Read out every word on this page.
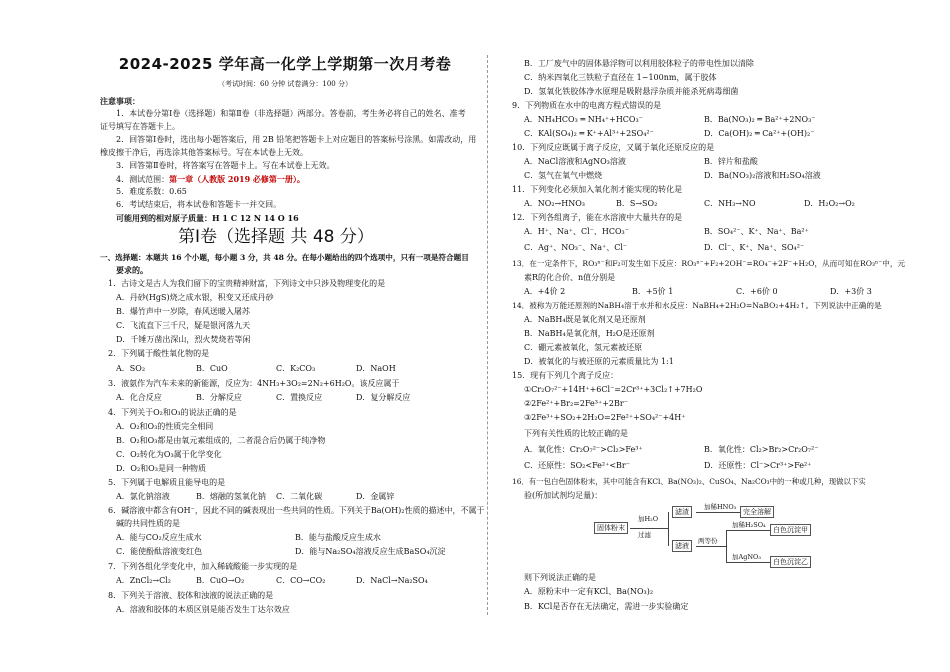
2024-2025 学年高一化学上学期第一次月考卷
（考试时间：60 分钟 试卷满分：100 分）
注意事项：
1．本试卷分第Ⅰ卷（选择题）和第Ⅱ卷（非选择题）两部分。答卷前，考生务必将自己的姓名、准考
证号填写在答题卡上。
2．回答第Ⅰ卷时，选出每小题答案后，用 2B 铅笔把答题卡上对应题目的答案标号涂黑。如需改动，用
橡皮擦干净后，再选涂其他答案标号。写在本试卷上无效。
3．回答第Ⅱ卷时，将答案写在答题卡上。写在本试卷上无效。
4．测试范围：第一章（人教版 2019 必修第一册）。
5．难度系数：0.65
6．考试结束后，将本试卷和答题卡一并交回。
可能用到的相对原子质量：H 1 C 12 N 14 O 16
第Ⅰ卷（选择题 共 48 分）
一、选择题：本题共 16 个小题，每小题 3 分，共 48 分。在每小题给出的四个选项中，只有一项是符合题目
要求的。
1．古诗文是古人为我们留下的宝贵精神财富，下列诗文中只涉及物理变化的是
A．丹砂(HgS)烧之成水银，积变又还成丹砂
B．爆竹声中一岁除，春风送暖入屠苏
C．飞流直下三千尺，疑是银河落九天
D．千锤万凿出深山，烈火焚烧若等闲
2．下列属于酸性氧化物的是
A．SO₂	B．CuO	C．K₂CO₃	D．NaOH
3．液氨作为汽车未来的新能源，反应为：4NH₃+3O₂=2N₂+6H₂O。该反应属于
A．化合反应	B．分解反应	C．置换反应	D．复分解反应
4．下列关于O₂和O₃的说法正确的是
A．O₂和O₃的性质完全相同
B．O₂和O₃都是由氧元素组成的，二者混合后仍属于纯净物
C．O₂转化为O₃属于化学变化
D．O₂和O₃是同一种物质
5．下列属于电解质且能导电的是
A．氯化钠溶液	B．熔融的氢氧化钠 C．二氧化碳	D．金属锌
6．碱溶液中都含有OH⁻，因此不同的碱表现出一些共同的性质。下列关于Ba(OH)₂性质的描述中，不属于
碱的共同性质的是
A．能与CO₂反应生成水	B．能与盐酸反应生成水
C．能使酚酞溶液变红色	D．能与Na₂SO₄溶液反应生成BaSO₄沉淀
7．下列各组化学变化中，加入稀硫酸能一步实现的是
A．ZnCl₂→Cl₂	B．CuO→O₂	C．CO→CO₂	D．NaCl→Na₂SO₄
8．下列关于溶液、胶体和浊液的说法正确的是
A．溶液和胶体的本质区别是能否发生丁达尔效应
B．工厂废气中的固体悬浮物可以利用胶体粒子的带电性加以清除
C．纳米四氧化三铁粒子直径在 1~100nm，属于胶体
D．氢氧化铁胶体净水原理是吸附悬浮杂质并能杀死病毒细菌
9．下列物质在水中的电离方程式错误的是
A．NH₄HCO₃ ═ NH₄⁺+HCO₃⁻	B．Ba(NO₃)₂ ═ Ba²⁺+2NO₃⁻
C．KAl(SO₄)₂ ═ K⁺+Al³⁺+2SO₄²⁻	D．Ca(OH)₂ ═ Ca²⁺+(OH)₂⁻
10．下列反应既属于离子反应，又属于氧化还原反应的是
A．NaCl溶液和AgNO₃溶液	B．锌片和盐酸
C．氢气在氧气中燃烧	D．Ba(NO₃)₂溶液和H₂SO₄溶液
11．下列变化必须加入氧化剂才能实现的转化是
A．NO₂→HNO₃	B．S→SO₂	C．NH₃→NO	D．H₂O₂→O₂
12．下列各组离子，能在水溶液中大量共存的是
A．H⁺、Na⁺、Cl⁻、HCO₃⁻	B．SO₄²⁻、K⁺、Na⁺、Ba²⁺
C．Ag⁺、NO₃⁻、Na⁺、Cl⁻	D．Cl⁻、K⁺、Na⁺、SO₄²⁻
13．在一定条件下，RO₃ⁿ⁻和F₂可发生如下反应：RO₃ⁿ⁻+F₂+2OH⁻=RO₄⁻+2F⁻+H₂O，从而可知在RO₃ⁿ⁻中，元
素R的化合价、n值分别是
A．+4价 2	B．+5价 1	C．+6价 0	D．+3价 3
14．被称为万能还原剂的NaBH₄溶于水并和水反应：NaBH₄+2H₂O=NaBO₂+4H₂↑。下列说法中正确的是
A．NaBH₄既是氧化剂又是还原剂
B．NaBH₄是氧化剂，H₂O是还原剂
C．硼元素被氧化，氢元素被还原
D．被氧化的与被还原的元素质量比为 1:1
15．现有下列几个离子反应：
①Cr₂O₇²⁻+14H⁺+6Cl⁻=2Cr³⁺+3Cl₂↑+7H₂O
②2Fe²⁺+Br₂=2Fe³⁺+2Br⁻
③2Fe³⁺+SO₂+2H₂O=2Fe²⁺+SO₄²⁻+4H⁺
下列有关性质的比较正确的是
A．氧化性：Cr₂O₇²⁻>Cl₂>Fe³⁺	B．氧化性：Cl₂>Br₂>Cr₂O₇²⁻
C．还原性：SO₂<Fe²⁺<Br⁻	D．还原性：Cl⁻>Cr³⁺>Fe²⁺
16．有一包白色固体粉末，其中可能含有KCl、Ba(NO₃)₂、CuSO₄、Na₂CO₃中的一种或几种，现做以下实
验(所加试剂均足量)：
则下列说法正确的是
A．原粉末中一定有KCl、Ba(NO₃)₂
B．KCl是否存在无法确定，需进一步实验确定
固体粉末
加H₂O
过滤
滤渣
滤液
加稀HNO₃
完全溶解
两等份
加稀H₂SO₄
白色沉淀甲
加AgNO₃
白色沉淀乙
